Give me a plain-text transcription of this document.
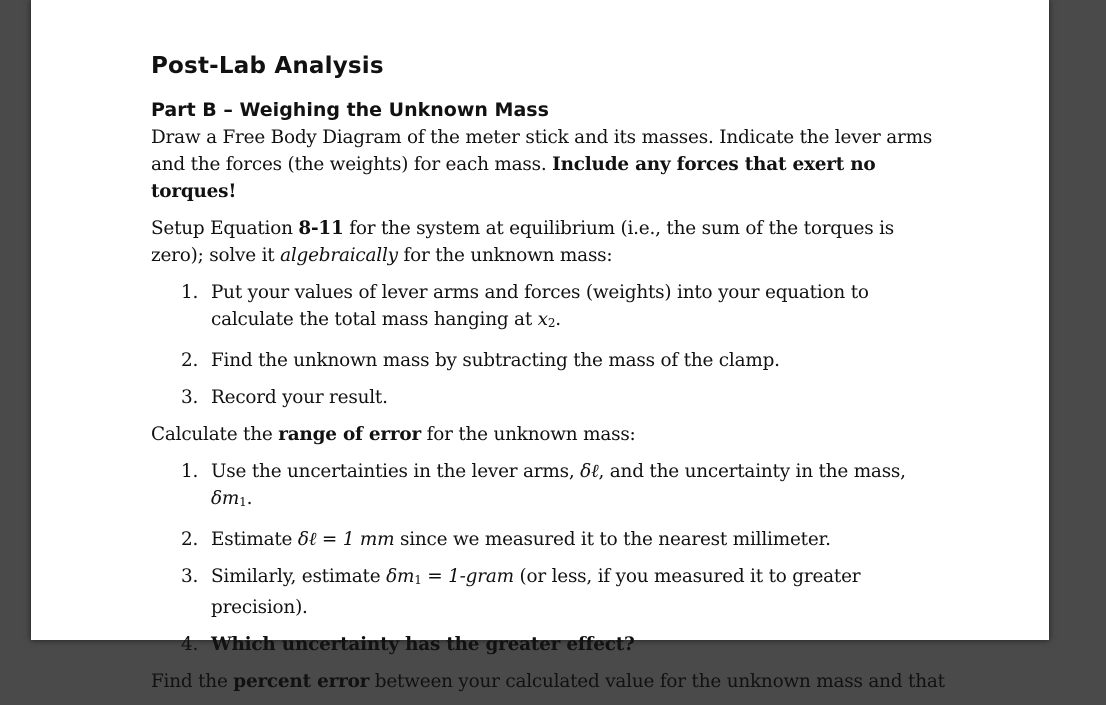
Post-Lab Analysis
Part B – Weighing the Unknown Mass

Draw a Free Body Diagram of the meter stick and its masses. Indicate the lever arms and the forces (the weights) for each mass. Include any forces that exert no torques!

Setup Equation 8-11 for the system at equilibrium (i.e., the sum of the torques is zero); solve it algebraically for the unknown mass:

1. Put your values of lever arms and forces (weights) into your equation to calculate the total mass hanging at x2.
2. Find the unknown mass by subtracting the mass of the clamp.
3. Record your result.

Calculate the range of error for the unknown mass:

1. Use the uncertainties in the lever arms, δℓ, and the uncertainty in the mass, δm1.
2. Estimate δℓ = 1 mm since we measured it to the nearest millimeter.
3. Similarly, estimate δm1 = 1-gram (or less, if you measured it to greater precision).
4. Which uncertainty has the greater effect?

Find the percent error between your calculated value for the unknown mass and that
